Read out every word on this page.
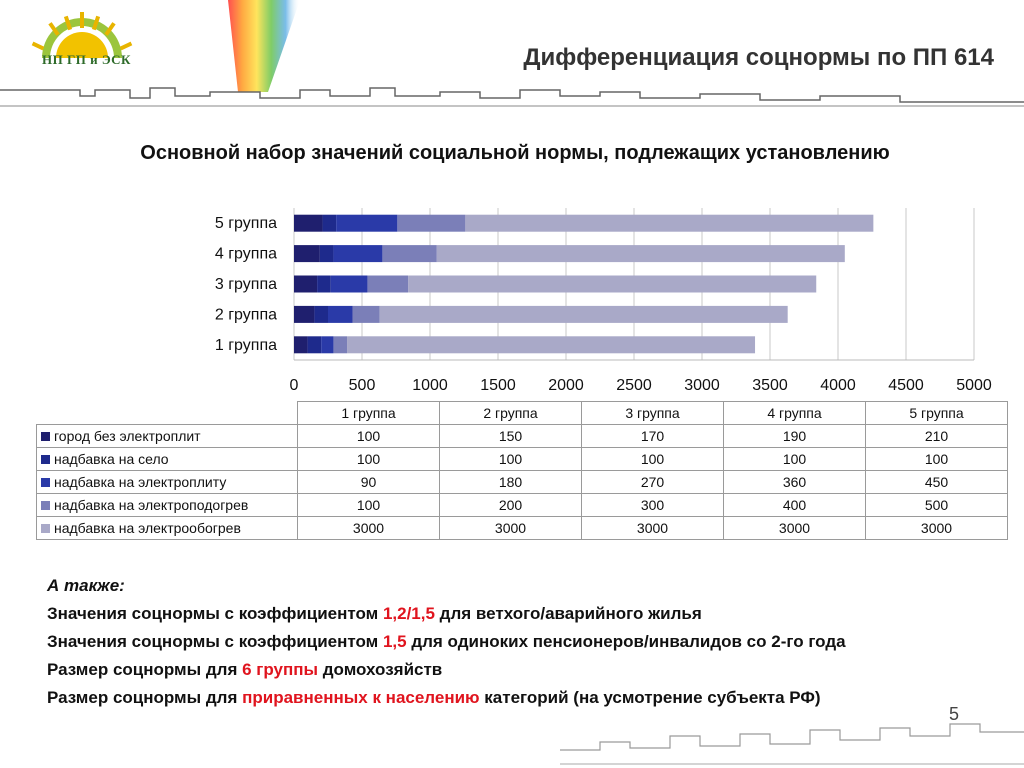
НП ГП и ЭСК	Дифференциация соцнормы по ПП 614
Основной набор значений социальной нормы, подлежащих установлению
1 группа
2 группа
3 группа
4 группа
5 группа
0	500 1000 1500 2000 2500 3000 3500 4000 4500 5000
	1 группа	2 группа	3 группа	4 группа	5 группа
город без электроплит	100	150	170	190	210
надбавка на село	100	100	100	100	100
надбавка на электроплиту	90	180	270	360	450
надбавка на электроподогрев	100	200	300	400	500
надбавка на электрообогрев	3000	3000	3000	3000	3000

А также:

Значения соцнормы с коэффициентом 1,2/1,5 для ветхого/аварийного жилья

Значения соцнормы с коэффициентом 1,5 для одиноких пенсионеров/инвалидов со 2-го года

Размер соцнормы для 6 группы домохозяйств

Размер соцнормы для приравненных к населению категорий (на усмотрение субъекта РФ)

5
